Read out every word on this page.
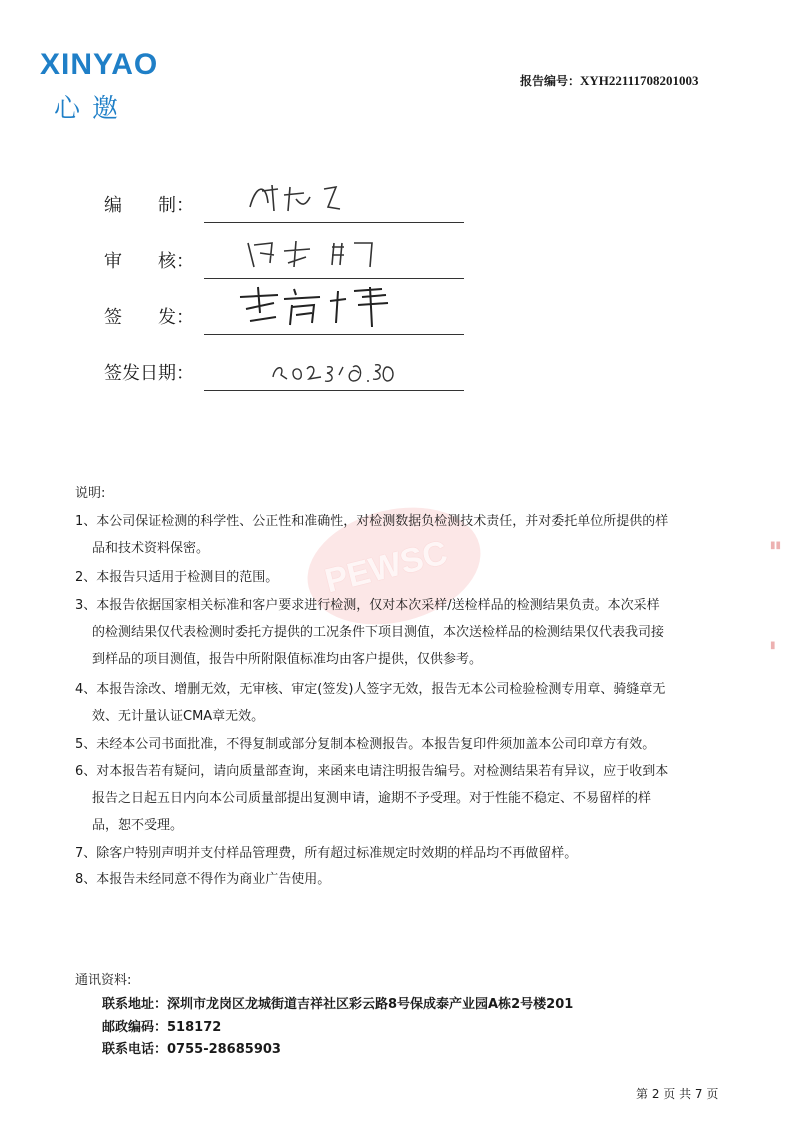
XINYAO
心邀
报告编号：XYH22111708201003
编　　制：
审　　核：
签　　发：
签发日期：
PEWSC
说明:
1、本公司保证检测的科学性、公正性和准确性，对检测数据负检测技术责任，并对委托单位所提供的样
品和技术资料保密。
2、本报告只适用于检测目的范围。
3、本报告依据国家相关标准和客户要求进行检测，仅对本次采样/送检样品的检测结果负责。本次采样
的检测结果仅代表检测时委托方提供的工况条件下项目测值，本次送检样品的检测结果仅代表我司接
到样品的项目测值，报告中所附限值标准均由客户提供，仅供参考。
4、本报告涂改、增删无效，无审核、审定(签发)人签字无效，报告无本公司检验检测专用章、骑缝章无
效、无计量认证CMA章无效。
5、未经本公司书面批准，不得复制或部分复制本检测报告。本报告复印件须加盖本公司印章方有效。
6、对本报告若有疑问，请向质量部查询，来函来电请注明报告编号。对检测结果若有异议，应于收到本
报告之日起五日内向本公司质量部提出复测申请，逾期不予受理。对于性能不稳定、不易留样的样
品，恕不受理。
7、除客户特别声明并支付样品管理费，所有超过标准规定时效期的样品均不再做留样。
8、本报告未经同意不得作为商业广告使用。
通讯资料:
联系地址：深圳市龙岗区龙城街道吉祥社区彩云路8号保成泰产业园A栋2号楼201
邮政编码：518172
联系电话：0755-28685903
第 2 页 共 7 页
▮▮
▮
